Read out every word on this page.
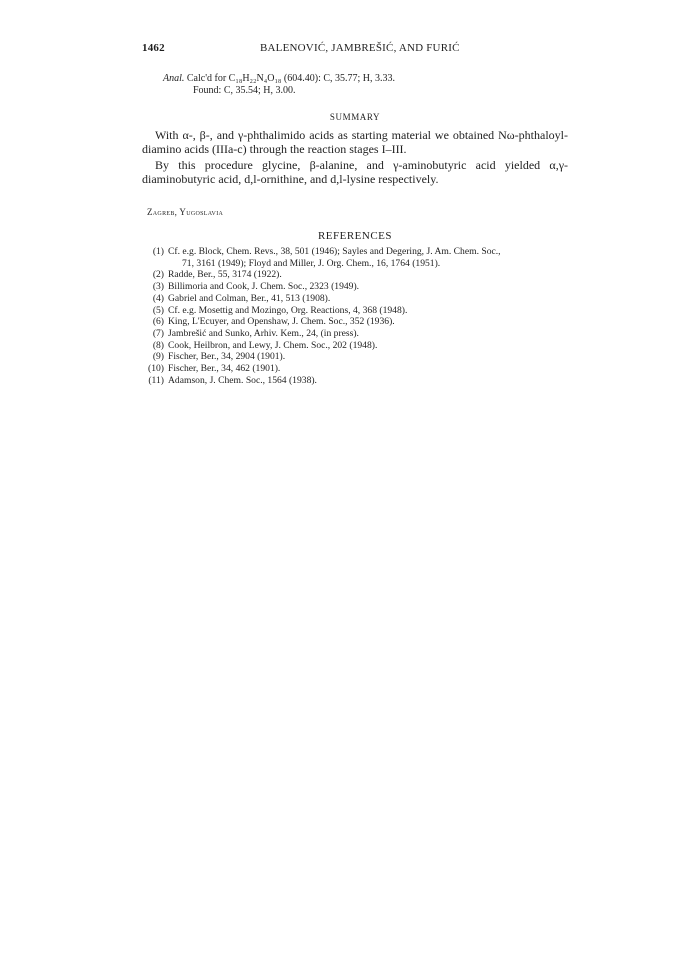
1462	BALENOVIĆ, JAMBREŠIĆ, AND FURIĆ
Anal. Calc'd for C₁₈H₂₂N₄O₁₈ (604.40): C, 35.77; H, 3.33.
Found: C, 35.54; H, 3.00.
SUMMARY

With α-, β-, and γ-phthalimido acids as starting material we obtained Nω-phthaloyl-diamino acids (IIIa-c) through the reaction stages I–III.

By this procedure glycine, β-alanine, and γ-aminobutyric acid yielded α,γ-diaminobutyric acid, d,l-ornithine, and d,l-lysine respectively.

Zagreb, Yugoslavia
REFERENCES
(1) Cf. e.g. Block, Chem. Revs., 38, 501 (1946); Sayles and Degering, J. Am. Chem. Soc.,
71, 3161 (1949); Floyd and Miller, J. Org. Chem., 16, 1764 (1951).
(2) Radde, Ber., 55, 3174 (1922).
(3) Billimoria and Cook, J. Chem. Soc., 2323 (1949).
(4) Gabriel and Colman, Ber., 41, 513 (1908).
(5) Cf. e.g. Mosettig and Mozingo, Org. Reactions, 4, 368 (1948).
(6) King, L'Ecuyer, and Openshaw, J. Chem. Soc., 352 (1936).
(7) Jambrešić and Sunko, Arhiv. Kem., 24, (in press).
(8) Cook, Heilbron, and Lewy, J. Chem. Soc., 202 (1948).
(9) Fischer, Ber., 34, 2904 (1901).
(10) Fischer, Ber., 34, 462 (1901).
(11) Adamson, J. Chem. Soc., 1564 (1938).
